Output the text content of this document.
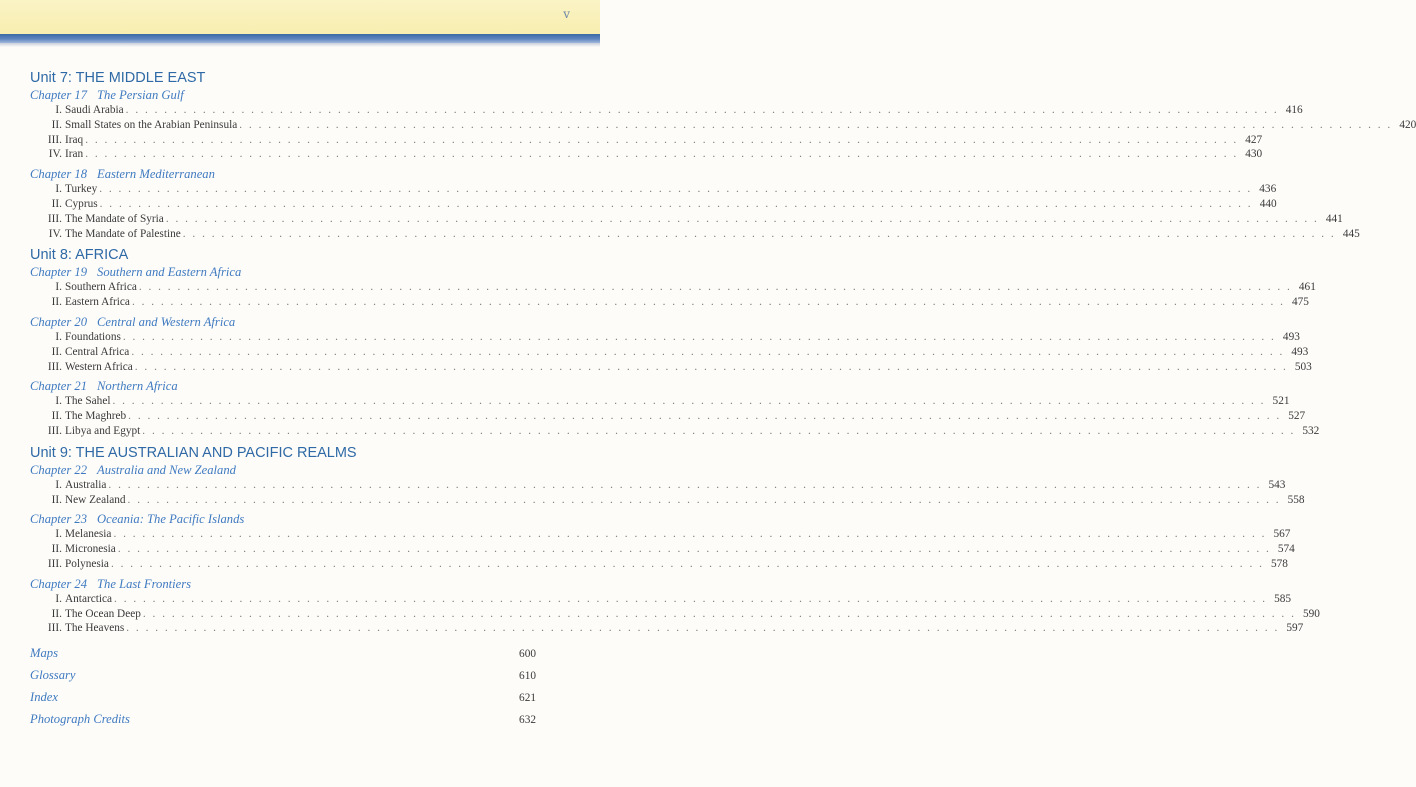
v
Unit 7: THE MIDDLE EAST
Chapter 17 The Persian Gulf
I. Saudi Arabia . . . . . . . . . . . . . . . . . . . . . . . . . . . . . . . . . . . . . . . . . . . . . . . . . . . . . . . . . . . . . . . . . . . . . . . . . . . . . . . . . . . . . . . . . . . . . . . . . . . . . . . . . . . . . . . . . . . . . . . . 416
II. Small States on the Arabian Peninsula . . . . . . . . . . . . . . . . . . . . . . . . . . . . . . . . . . . . . . . . . . . . . . . . . . . . . . . . . . . . . . . . . . . . . . . . . . . . . . . . . . . . . . . . . . . . . . . . . . . . . . . . . . . . . . . . . . . . . . . . 420
III. Iraq . . . . . . . . . . . . . . . . . . . . . . . . . . . . . . . . . . . . . . . . . . . . . . . . . . . . . . . . . . . . . . . . . . . . . . . . . . . . . . . . . . . . . . . . . . . . . . . . . . . . . . . . . . . . . . . . . . . . . . . . 427
IV. Iran . . . . . . . . . . . . . . . . . . . . . . . . . . . . . . . . . . . . . . . . . . . . . . . . . . . . . . . . . . . . . . . . . . . . . . . . . . . . . . . . . . . . . . . . . . . . . . . . . . . . . . . . . . . . . . . . . . . . . . . . 430
Chapter 18 Eastern Mediterranean
I. Turkey . . . . . . . . . . . . . . . . . . . . . . . . . . . . . . . . . . . . . . . . . . . . . . . . . . . . . . . . . . . . . . . . . . . . . . . . . . . . . . . . . . . . . . . . . . . . . . . . . . . . . . . . . . . . . . . . . . . . . . . . 436
II. Cyprus . . . . . . . . . . . . . . . . . . . . . . . . . . . . . . . . . . . . . . . . . . . . . . . . . . . . . . . . . . . . . . . . . . . . . . . . . . . . . . . . . . . . . . . . . . . . . . . . . . . . . . . . . . . . . . . . . . . . . . . . 440
III. The Mandate of Syria . . . . . . . . . . . . . . . . . . . . . . . . . . . . . . . . . . . . . . . . . . . . . . . . . . . . . . . . . . . . . . . . . . . . . . . . . . . . . . . . . . . . . . . . . . . . . . . . . . . . . . . . . . . . . . . . . . . . . . . . 441
IV. The Mandate of Palestine . . . . . . . . . . . . . . . . . . . . . . . . . . . . . . . . . . . . . . . . . . . . . . . . . . . . . . . . . . . . . . . . . . . . . . . . . . . . . . . . . . . . . . . . . . . . . . . . . . . . . . . . . . . . . . . . . . . . . . . . 445
Unit 8: AFRICA
Chapter 19 Southern and Eastern Africa
I. Southern Africa . . . . . . . . . . . . . . . . . . . . . . . . . . . . . . . . . . . . . . . . . . . . . . . . . . . . . . . . . . . . . . . . . . . . . . . . . . . . . . . . . . . . . . . . . . . . . . . . . . . . . . . . . . . . . . . . . . . . . . . . 461
II. Eastern Africa . . . . . . . . . . . . . . . . . . . . . . . . . . . . . . . . . . . . . . . . . . . . . . . . . . . . . . . . . . . . . . . . . . . . . . . . . . . . . . . . . . . . . . . . . . . . . . . . . . . . . . . . . . . . . . . . . . . . . . . . 475
Chapter 20 Central and Western Africa
I. Foundations . . . . . . . . . . . . . . . . . . . . . . . . . . . . . . . . . . . . . . . . . . . . . . . . . . . . . . . . . . . . . . . . . . . . . . . . . . . . . . . . . . . . . . . . . . . . . . . . . . . . . . . . . . . . . . . . . . . . . . . . 493
II. Central Africa . . . . . . . . . . . . . . . . . . . . . . . . . . . . . . . . . . . . . . . . . . . . . . . . . . . . . . . . . . . . . . . . . . . . . . . . . . . . . . . . . . . . . . . . . . . . . . . . . . . . . . . . . . . . . . . . . . . . . . . . 493
III. Western Africa . . . . . . . . . . . . . . . . . . . . . . . . . . . . . . . . . . . . . . . . . . . . . . . . . . . . . . . . . . . . . . . . . . . . . . . . . . . . . . . . . . . . . . . . . . . . . . . . . . . . . . . . . . . . . . . . . . . . . . . . 503
Chapter 21 Northern Africa
I. The Sahel . . . . . . . . . . . . . . . . . . . . . . . . . . . . . . . . . . . . . . . . . . . . . . . . . . . . . . . . . . . . . . . . . . . . . . . . . . . . . . . . . . . . . . . . . . . . . . . . . . . . . . . . . . . . . . . . . . . . . . . . 521
II. The Maghreb . . . . . . . . . . . . . . . . . . . . . . . . . . . . . . . . . . . . . . . . . . . . . . . . . . . . . . . . . . . . . . . . . . . . . . . . . . . . . . . . . . . . . . . . . . . . . . . . . . . . . . . . . . . . . . . . . . . . . . . . 527
III. Libya and Egypt . . . . . . . . . . . . . . . . . . . . . . . . . . . . . . . . . . . . . . . . . . . . . . . . . . . . . . . . . . . . . . . . . . . . . . . . . . . . . . . . . . . . . . . . . . . . . . . . . . . . . . . . . . . . . . . . . . . . . . . . 532
Unit 9: THE AUSTRALIAN AND PACIFIC REALMS
Chapter 22 Australia and New Zealand
I. Australia . . . . . . . . . . . . . . . . . . . . . . . . . . . . . . . . . . . . . . . . . . . . . . . . . . . . . . . . . . . . . . . . . . . . . . . . . . . . . . . . . . . . . . . . . . . . . . . . . . . . . . . . . . . . . . . . . . . . . . . . 543
II. New Zealand . . . . . . . . . . . . . . . . . . . . . . . . . . . . . . . . . . . . . . . . . . . . . . . . . . . . . . . . . . . . . . . . . . . . . . . . . . . . . . . . . . . . . . . . . . . . . . . . . . . . . . . . . . . . . . . . . . . . . . . . 558
Chapter 23 Oceania: The Pacific Islands
I. Melanesia . . . . . . . . . . . . . . . . . . . . . . . . . . . . . . . . . . . . . . . . . . . . . . . . . . . . . . . . . . . . . . . . . . . . . . . . . . . . . . . . . . . . . . . . . . . . . . . . . . . . . . . . . . . . . . . . . . . . . . . . 567
II. Micronesia . . . . . . . . . . . . . . . . . . . . . . . . . . . . . . . . . . . . . . . . . . . . . . . . . . . . . . . . . . . . . . . . . . . . . . . . . . . . . . . . . . . . . . . . . . . . . . . . . . . . . . . . . . . . . . . . . . . . . . . . 574
III. Polynesia . . . . . . . . . . . . . . . . . . . . . . . . . . . . . . . . . . . . . . . . . . . . . . . . . . . . . . . . . . . . . . . . . . . . . . . . . . . . . . . . . . . . . . . . . . . . . . . . . . . . . . . . . . . . . . . . . . . . . . . . 578
Chapter 24 The Last Frontiers
I. Antarctica . . . . . . . . . . . . . . . . . . . . . . . . . . . . . . . . . . . . . . . . . . . . . . . . . . . . . . . . . . . . . . . . . . . . . . . . . . . . . . . . . . . . . . . . . . . . . . . . . . . . . . . . . . . . . . . . . . . . . . . . 585
II. The Ocean Deep . . . . . . . . . . . . . . . . . . . . . . . . . . . . . . . . . . . . . . . . . . . . . . . . . . . . . . . . . . . . . . . . . . . . . . . . . . . . . . . . . . . . . . . . . . . . . . . . . . . . . . . . . . . . . . . . . . . . . . . . 590
III. The Heavens . . . . . . . . . . . . . . . . . . . . . . . . . . . . . . . . . . . . . . . . . . . . . . . . . . . . . . . . . . . . . . . . . . . . . . . . . . . . . . . . . . . . . . . . . . . . . . . . . . . . . . . . . . . . . . . . . . . . . . . . 597
Maps	600
Glossary	610
Index	621
Photograph Credits	632
